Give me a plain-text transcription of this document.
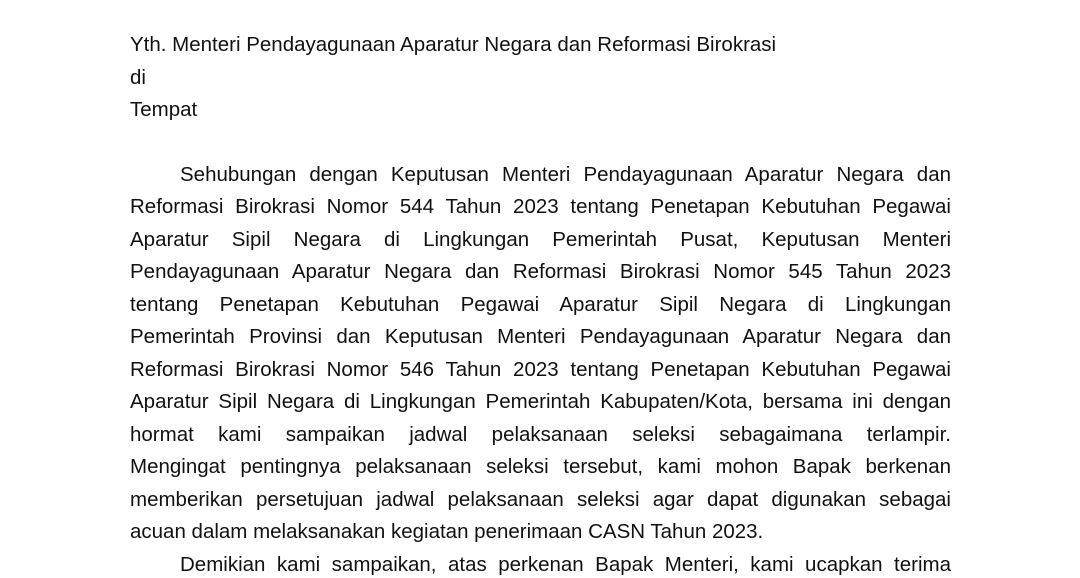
Yth. Menteri Pendayagunaan Aparatur Negara dan Reformasi Birokrasi
di
Tempat
Sehubungan dengan Keputusan Menteri Pendayagunaan Aparatur Negara dan
Reformasi Birokrasi Nomor 544 Tahun 2023 tentang Penetapan Kebutuhan Pegawai
Aparatur Sipil Negara di Lingkungan Pemerintah Pusat, Keputusan Menteri
Pendayagunaan Aparatur Negara dan Reformasi Birokrasi Nomor 545 Tahun 2023
tentang Penetapan Kebutuhan Pegawai Aparatur Sipil Negara di Lingkungan
Pemerintah Provinsi dan Keputusan Menteri Pendayagunaan Aparatur Negara dan
Reformasi Birokrasi Nomor 546 Tahun 2023 tentang Penetapan Kebutuhan Pegawai
Aparatur Sipil Negara di Lingkungan Pemerintah Kabupaten/Kota, bersama ini dengan
hormat kami sampaikan jadwal pelaksanaan seleksi sebagaimana terlampir.
Mengingat pentingnya pelaksanaan seleksi tersebut, kami mohon Bapak berkenan
memberikan persetujuan jadwal pelaksanaan seleksi agar dapat digunakan sebagai
acuan dalam melaksanakan kegiatan penerimaan CASN Tahun 2023.
Demikian kami sampaikan, atas perkenan Bapak Menteri, kami ucapkan terima
